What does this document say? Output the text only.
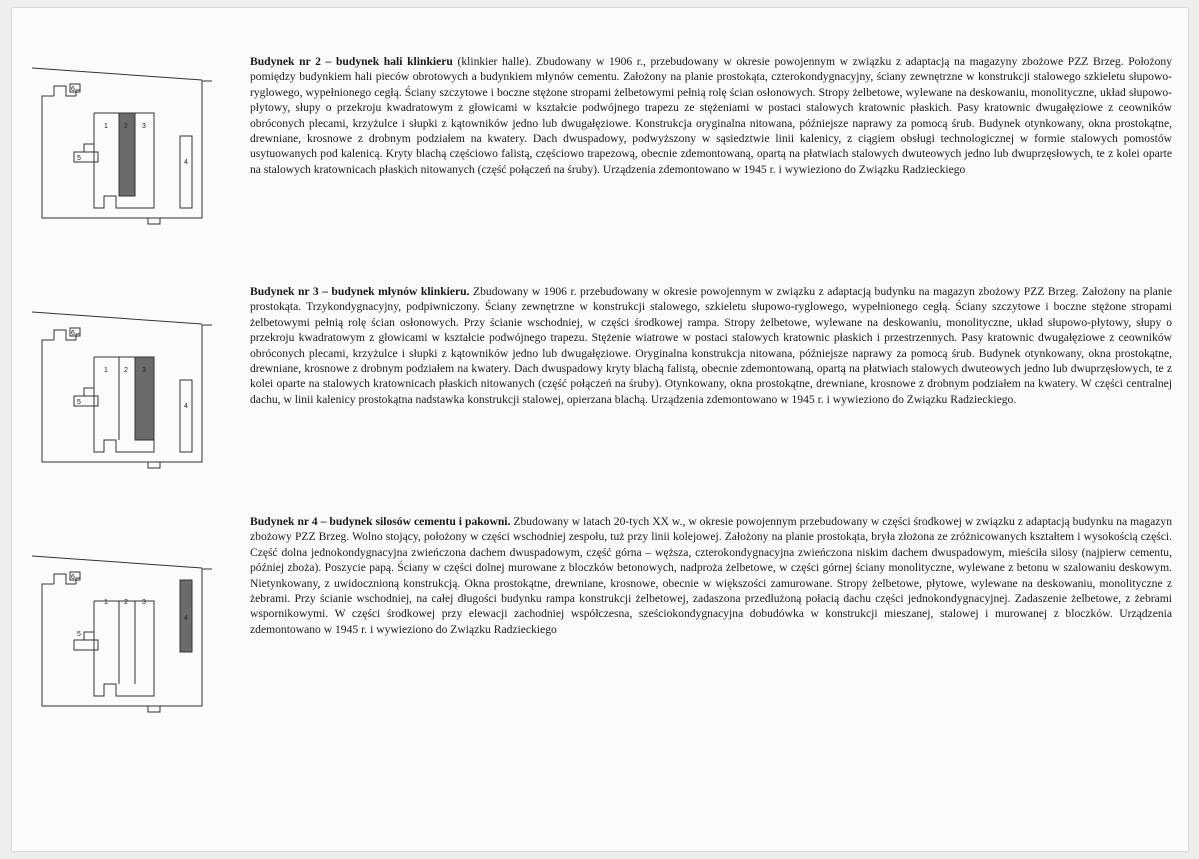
1 2 3
4
5
6

Budynek nr 2 – budynek hali klinkieru (klinkier halle). Zbudowany w 1906 r., przebudowany w okresie powojennym w związku z adaptacją na magazyny zbożowe PZZ Brzeg. Położony pomiędzy budynkiem hali pieców obrotowych a budynkiem młynów cementu. Założony na planie prostokąta, czterokondygnacyjny, ściany zewnętrzne w konstrukcji stalowego szkieletu słupowo-ryglowego, wypełnionego cegłą. Ściany szczytowe i boczne stężone stropami żelbetowymi pełnią rolę ścian osłonowych. Stropy żelbetowe, wylewane na deskowaniu, monolityczne, układ słupowo-płytowy, słupy o przekroju kwadratowym z głowicami w kształcie podwójnego trapezu ze stężeniami w postaci stalowych kratownic płaskich. Pasy kratownic dwugałęziowe z ceowników obróconych plecami, krzyżulce i słupki z kątowników jedno lub dwugałęziowe. Konstrukcja oryginalna nitowana, późniejsze naprawy za pomocą śrub. Budynek otynkowany, okna prostokątne, drewniane, krosnowe z drobnym podziałem na kwatery. Dach dwuspadowy, podwyższony w sąsiedztwie linii kalenicy, z ciągiem obsługi technologicznej w formie stalowych pomostów usytuowanych pod kalenicą. Kryty blachą częściowo falistą, częściowo trapezową, obecnie zdemontowaną, opartą na płatwiach stalowych dwuteowych jedno lub dwuprzęsłowych, te z kolei oparte na stalowych kratownicach płaskich nitowanych (część połączeń na śruby). Urządzenia zdemontowano w 1945 r. i wywieziono do Związku Radzieckiego

1 2 3
4
5
6

Budynek nr 3 – budynek młynów klinkieru. Zbudowany w 1906 r. przebudowany w okresie powojennym w związku z adaptacją budynku na magazyn zbożowy PZZ Brzeg. Założony na planie prostokąta. Trzykondygnacyjny, podpiwniczony. Ściany zewnętrzne w konstrukcji stalowego, szkieletu słupowo-ryglowego, wypełnionego cegłą. Ściany szczytowe i boczne stężone stropami żelbetowymi pełnią rolę ścian osłonowych. Przy ścianie wschodniej, w części środkowej rampa. Stropy żelbetowe, wylewane na deskowaniu, monolityczne, układ słupowo-płytowy, słupy o przekroju kwadratowym z głowicami w kształcie podwójnego trapezu. Stężenie wiatrowe w postaci stalowych kratownic płaskich i przestrzennych. Pasy kratownic dwugałęziowe z ceowników obróconych plecami, krzyżulce i słupki z kątowników jedno lub dwugałęziowe. Oryginalna konstrukcja nitowana, późniejsze naprawy za pomocą śrub. Budynek otynkowany, okna prostokątne, drewniane, krosnowe z drobnym podziałem na kwatery. Dach dwuspadowy kryty blachą falistą, obecnie zdemontowaną, opartą na płatwiach stalowych dwuteowych jedno lub dwuprzęsłowych, te z kolei oparte na stalowych kratownicach płaskich nitowanych (część połączeń na śruby). Otynkowany, okna prostokątne, drewniane, krosnowe z drobnym podziałem na kwatery. W części centralnej dachu, w linii kalenicy prostokątna nadstawka konstrukcji stalowej, opierzana blachą. Urządzenia zdemontowano w 1945 r. i wywieziono do Związku Radzieckiego.

1 2 3
4
5
6

Budynek nr 4 – budynek silosów cementu i pakowni. Zbudowany w latach 20-tych XX w., w okresie powojennym przebudowany w części środkowej w związku z adaptacją budynku na magazyn zbożowy PZZ Brzeg. Wolno stojący, położony w części wschodniej zespołu, tuż przy linii kolejowej. Założony na planie prostokąta, bryła złożona ze zróżnicowanych kształtem i wysokością części. Część dolna jednokondygnacyjna zwieńczona dachem dwuspadowym, część górna – węższa, czterokondygnacyjna zwieńczona niskim dachem dwuspadowym, mieściła silosy (najpierw cementu, później zboża). Poszycie papą. Ściany w części dolnej murowane z bloczków betonowych, nadproża żelbetowe, w części górnej ściany monolityczne, wylewane z betonu w szalowaniu deskowym. Nietynkowany, z uwidocznioną konstrukcją. Okna prostokątne, drewniane, krosnowe, obecnie w większości zamurowane. Stropy żelbetowe, płytowe, wylewane na deskowaniu, monolityczne z żebrami. Przy ścianie wschodniej, na całej długości budynku rampa konstrukcji żelbetowej, zadaszona przedłużoną połacią dachu części jednokondygnacyjnej. Zadaszenie żelbetowe, z żebrami wspornikowymi. W części środkowej przy elewacji zachodniej współczesna, sześciokondygnacyjna dobudówka w konstrukcji mieszanej, stalowej i murowanej z bloczków. Urządzenia zdemontowano w 1945 r. i wywieziono do Związku Radzieckiego
